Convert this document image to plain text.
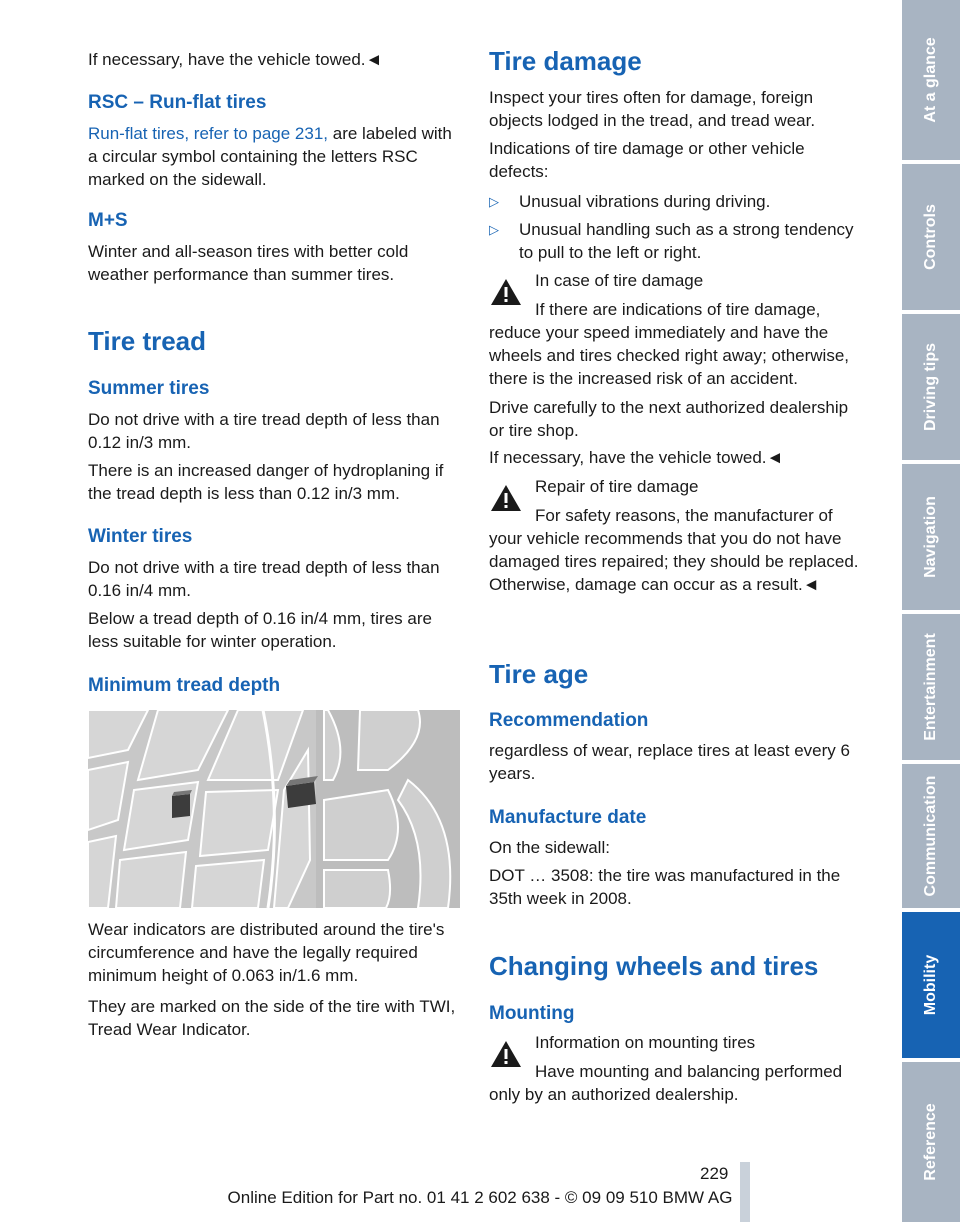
If necessary, have the vehicle towed.◄
RSC – Run-flat tires
Run-flat tires, refer to page 231, are labeled with a circular symbol containing the letters RSC marked on the sidewall.
M+S
Winter and all-season tires with better cold weather performance than summer tires.
Tire tread
Summer tires
Do not drive with a tire tread depth of less than 0.12 in/3 mm.
There is an increased danger of hydroplaning if the tread depth is less than 0.12 in/3 mm.
Winter tires
Do not drive with a tire tread depth of less than 0.16 in/4 mm.
Below a tread depth of 0.16 in/4 mm, tires are less suitable for winter operation.
Minimum tread depth
Wear indicators are distributed around the tire's circumference and have the legally required minimum height of 0.063 in/1.6 mm.
They are marked on the side of the tire with TWI, Tread Wear Indicator.
Tire damage
Inspect your tires often for damage, foreign objects lodged in the tread, and tread wear.
Indications of tire damage or other vehicle defects:
▷ Unusual vibrations during driving.
▷ Unusual handling such as a strong tendency to pull to the left or right.
In case of tire damage
If there are indications of tire damage, reduce your speed immediately and have the wheels and tires checked right away; otherwise, there is the increased risk of an accident.
Drive carefully to the next authorized dealership or tire shop.
If necessary, have the vehicle towed.◄
Repair of tire damage
For safety reasons, the manufacturer of your vehicle recommends that you do not have damaged tires repaired; they should be replaced. Otherwise, damage can occur as a result.◄
Tire age
Recommendation
regardless of wear, replace tires at least every 6 years.
Manufacture date
On the sidewall:
DOT … 3508: the tire was manufactured in the 35th week in 2008.
Changing wheels and tires
Mounting
Information on mounting tires
Have mounting and balancing performed only by an authorized dealership.
At a glance
Controls
Driving tips
Navigation
Entertainment
Communication
Mobility
Reference
229
Online Edition for Part no. 01 41 2 602 638 - © 09 09 510 BMW AG
